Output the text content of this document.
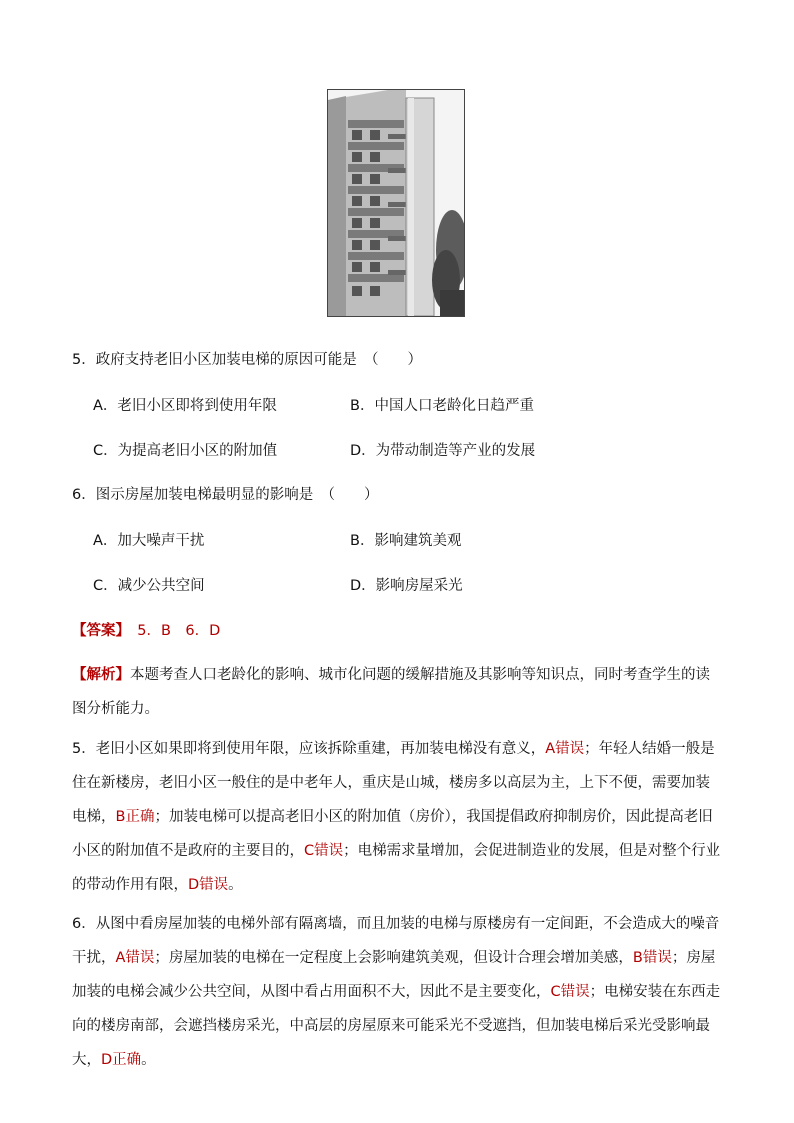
5．政府支持老旧小区加装电梯的原因可能是　（　　）
A．老旧小区即将到使用年限	B．中国人口老龄化日趋严重
C．为提高老旧小区的附加值	D．为带动制造等产业的发展
6．图示房屋加装电梯最明显的影响是　（　　）
A．加大噪声干扰	B．影响建筑美观
C．减少公共空间	D．影响房屋采光
【答案】　5．B　6．D
【解析】本题考查人口老龄化的影响、城市化问题的缓解措施及其影响等知识点，同时考查学生的读图分析能力。
5．老旧小区如果即将到使用年限，应该拆除重建，再加装电梯没有意义，A错误；年轻人结婚一般是住在新楼房，老旧小区一般住的是中老年人，重庆是山城，楼房多以高层为主，上下不便，需要加装电梯，B正确；加装电梯可以提高老旧小区的附加值（房价），我国提倡政府抑制房价，因此提高老旧小区的附加值不是政府的主要目的，C错误；电梯需求量增加，会促进制造业的发展，但是对整个行业的带动作用有限，D错误。
6．从图中看房屋加装的电梯外部有隔离墙，而且加装的电梯与原楼房有一定间距，不会造成大的噪音干扰，A错误；房屋加装的电梯在一定程度上会影响建筑美观，但设计合理会增加美感，B错误；房屋加装的电梯会减少公共空间，从图中看占用面积不大，因此不是主要变化，C错误；电梯安装在东西走向的楼房南部，会遮挡楼房采光，中高层的房屋原来可能采光不受遮挡，但加装电梯后采光受影响最大，D正确。
